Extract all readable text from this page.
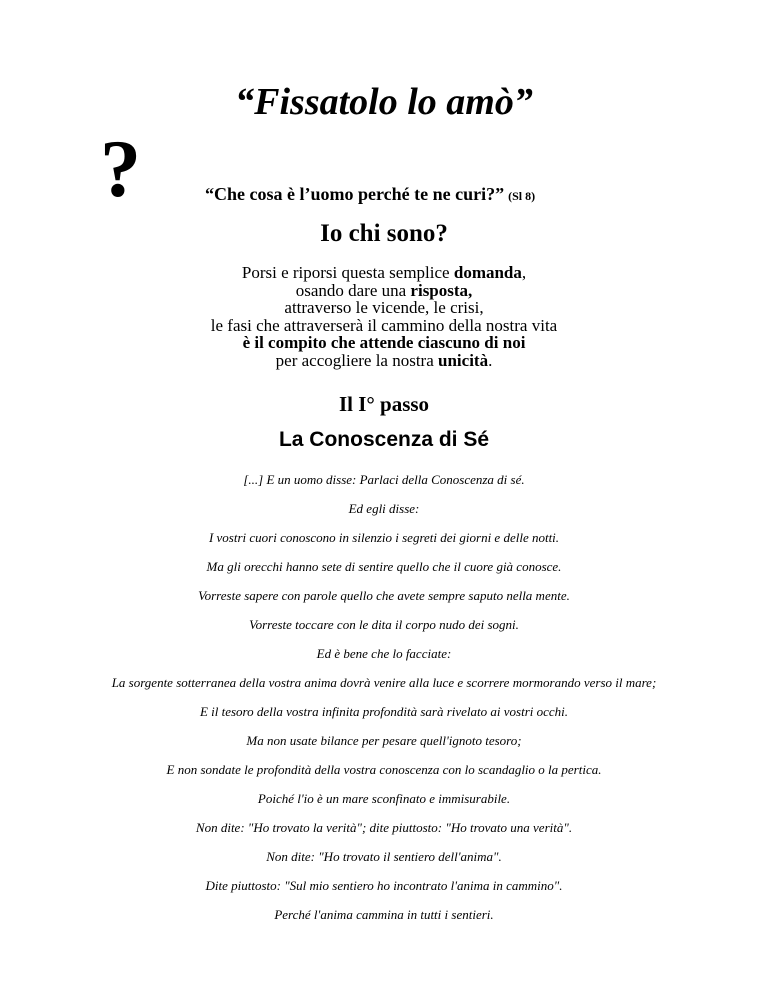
“Fissatolo lo amò”
?	“Che cosa è l’uomo perché te ne curi?” (Sl 8)
Io chi sono?
Porsi e riporsi questa semplice domanda,
osando dare una risposta,
attraverso le vicende, le crisi,
le fasi che attraverserà il cammino della nostra vita
è il compito che attende ciascuno di noi
per accogliere la nostra unicità.
Il I° passo
La Conoscenza di Sé

[...] E un uomo disse: Parlaci della Conoscenza di sé.

Ed egli disse:

I vostri cuori conoscono in silenzio i segreti dei giorni e delle notti.

Ma gli orecchi hanno sete di sentire quello che il cuore già conosce.

Vorreste sapere con parole quello che avete sempre saputo nella mente.

Vorreste toccare con le dita il corpo nudo dei sogni.

Ed è bene che lo facciate:

La sorgente sotterranea della vostra anima dovrà venire alla luce e scorrere mormorando verso il mare;

E il tesoro della vostra infinita profondità sarà rivelato ai vostri occhi.

Ma non usate bilance per pesare quell'ignoto tesoro;

E non sondate le profondità della vostra conoscenza con lo scandaglio o la pertica.

Poiché l'io è un mare sconfinato e immisurabile.

Non dite: "Ho trovato la verità"; dite piuttosto: "Ho trovato una verità".

Non dite: "Ho trovato il sentiero dell'anima".

Dite piuttosto: "Sul mio sentiero ho incontrato l'anima in cammino".

Perché l'anima cammina in tutti i sentieri.
